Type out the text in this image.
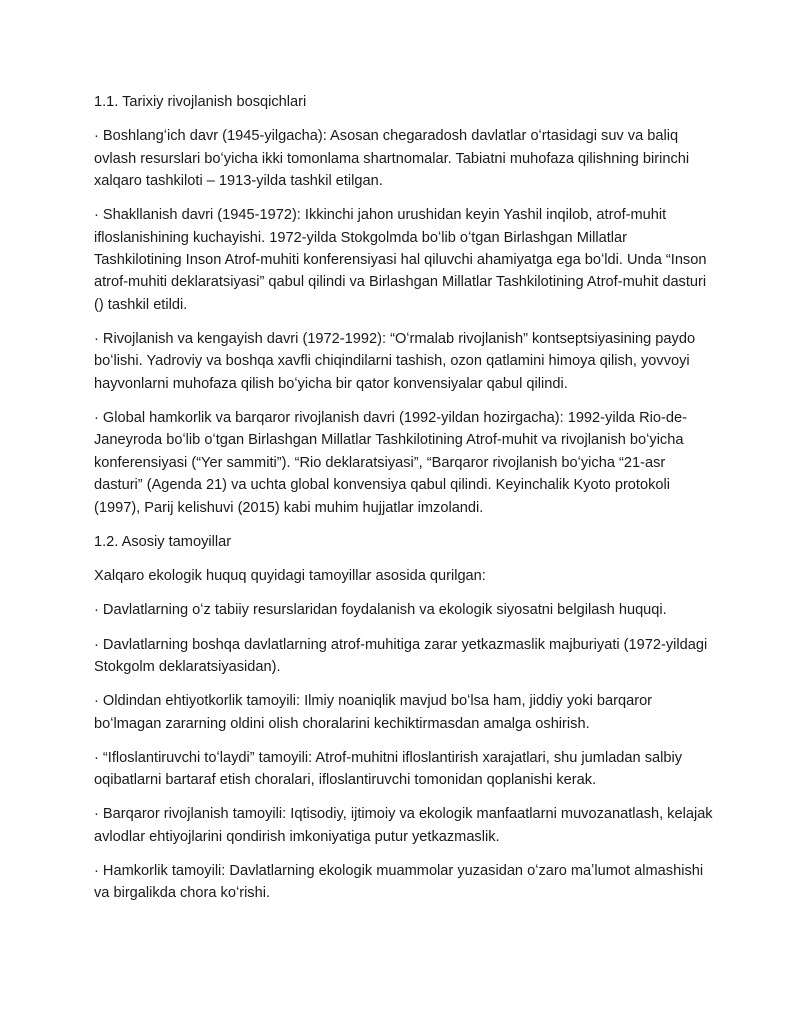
1.1. Tarixiy rivojlanish bosqichlari

· Boshlangʻich davr (1945-yilgacha): Asosan chegaradosh davlatlar oʻrtasidagi suv va baliq ovlash resurslari boʻyicha ikki tomonlama shartnomalar. Tabiatni muhofaza qilishning birinchi xalqaro tashkiloti – 1913-yilda tashkil etilgan.

· Shakllanish davri (1945-1972): Ikkinchi jahon urushidan keyin Yashil inqilob, atrof-muhit ifloslanishining kuchayishi. 1972-yilda Stokgolmda boʻlib oʻtgan Birlashgan Millatlar Tashkilotining Inson Atrof-muhiti konferensiyasi hal qiluvchi ahamiyatga ega boʻldi. Unda “Inson atrof-muhiti deklaratsiyasi” qabul qilindi va Birlashgan Millatlar Tashkilotining Atrof-muhit dasturi () tashkil etildi.

· Rivojlanish va kengayish davri (1972-1992): “Oʻrmalab rivojlanish” kontseptsiyasining paydo boʻlishi. Yadroviy va boshqa xavfli chiqindilarni tashish, ozon qatlamini himoya qilish, yovvoyi hayvonlarni muhofaza qilish boʻyicha bir qator konvensiyalar qabul qilindi.

· Global hamkorlik va barqaror rivojlanish davri (1992-yildan hozirgacha): 1992-yilda Rio-de-Janeyroda boʻlib oʻtgan Birlashgan Millatlar Tashkilotining Atrof-muhit va rivojlanish boʻyicha konferensiyasi (“Yer sammiti”). “Rio deklaratsiyasi”, “Barqaror rivojlanish boʻyicha “21-asr dasturi” (Agenda 21) va uchta global konvensiya qabul qilindi. Keyinchalik Kyoto protokoli (1997), Parij kelishuvi (2015) kabi muhim hujjatlar imzolandi.

1.2. Asosiy tamoyillar

Xalqaro ekologik huquq quyidagi tamoyillar asosida qurilgan:

· Davlatlarning oʻz tabiiy resurslaridan foydalanish va ekologik siyosatni belgilash huquqi.

· Davlatlarning boshqa davlatlarning atrof-muhitiga zarar yetkazmaslik majburiyati (1972-yildagi Stokgolm deklaratsiyasidan).

· Oldindan ehtiyotkorlik tamoyili: Ilmiy noaniqlik mavjud boʻlsa ham, jiddiy yoki barqaror boʻlmagan zararning oldini olish choralarini kechiktirmasdan amalga oshirish.

· “Ifloslantiruvchi toʻlaydi” tamoyili: Atrof-muhitni ifloslantirish xarajatlari, shu jumladan salbiy oqibatlarni bartaraf etish choralari, ifloslantiruvchi tomonidan qoplanishi kerak.

· Barqaror rivojlanish tamoyili: Iqtisodiy, ijtimoiy va ekologik manfaatlarni muvozanatlash, kelajak avlodlar ehtiyojlarini qondirish imkoniyatiga putur yetkazmaslik.

· Hamkorlik tamoyili: Davlatlarning ekologik muammolar yuzasidan oʻzaro maʼlumot almashishi va birgalikda chora koʻrishi.
